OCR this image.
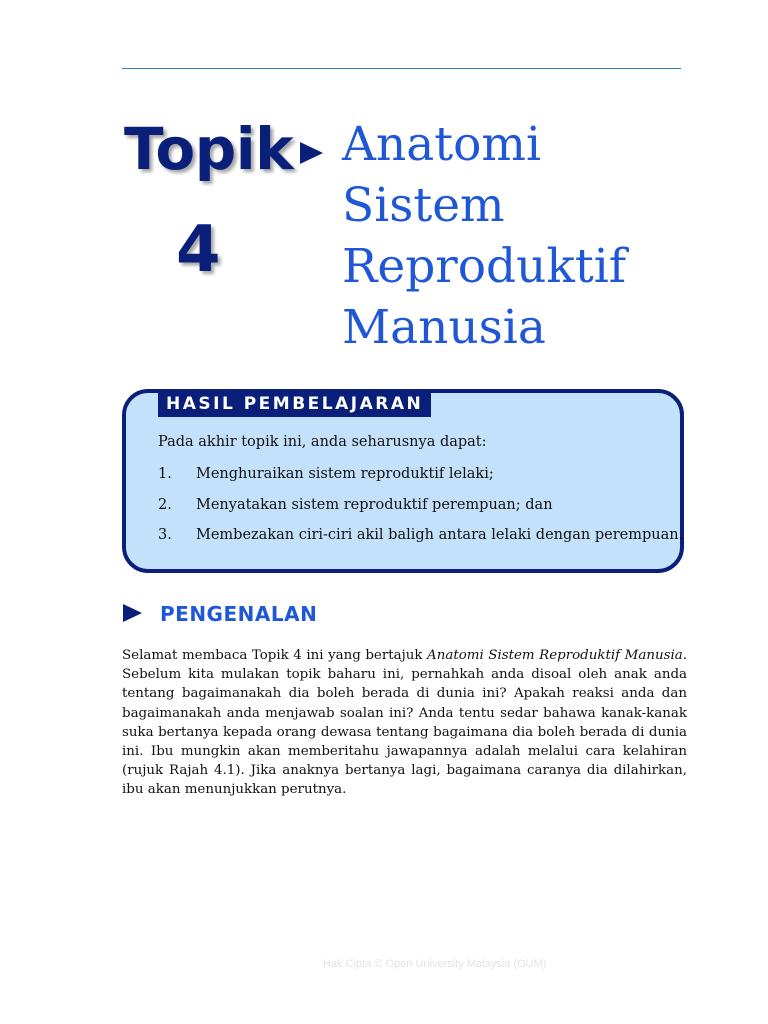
Topik
4
Anatomi
Sistem
Reproduktif
Manusia
HASIL PEMBELAJARAN
Pada akhir topik ini, anda seharusnya dapat:
1. Menghuraikan sistem reproduktif lelaki;
2. Menyatakan sistem reproduktif perempuan; dan
3. Membezakan ciri-ciri akil baligh antara lelaki dengan perempuan.
PENGENALAN
Selamat membaca Topik 4 ini yang bertajuk Anatomi Sistem Reproduktif Manusia. Sebelum kita mulakan topik baharu ini, pernahkah anda disoal oleh anak anda tentang bagaimanakah dia boleh berada di dunia ini? Apakah reaksi anda dan bagaimanakah anda menjawab soalan ini? Anda tentu sedar bahawa kanak-kanak suka bertanya kepada orang dewasa tentang bagaimana dia boleh berada di dunia ini. Ibu mungkin akan memberitahu jawapannya adalah melalui cara kelahiran (rujuk Rajah 4.1). Jika anaknya bertanya lagi, bagaimana caranya dia dilahirkan, ibu akan menunjukkan perutnya.
Hak Cipta © Open University Malaysia (OUM)
